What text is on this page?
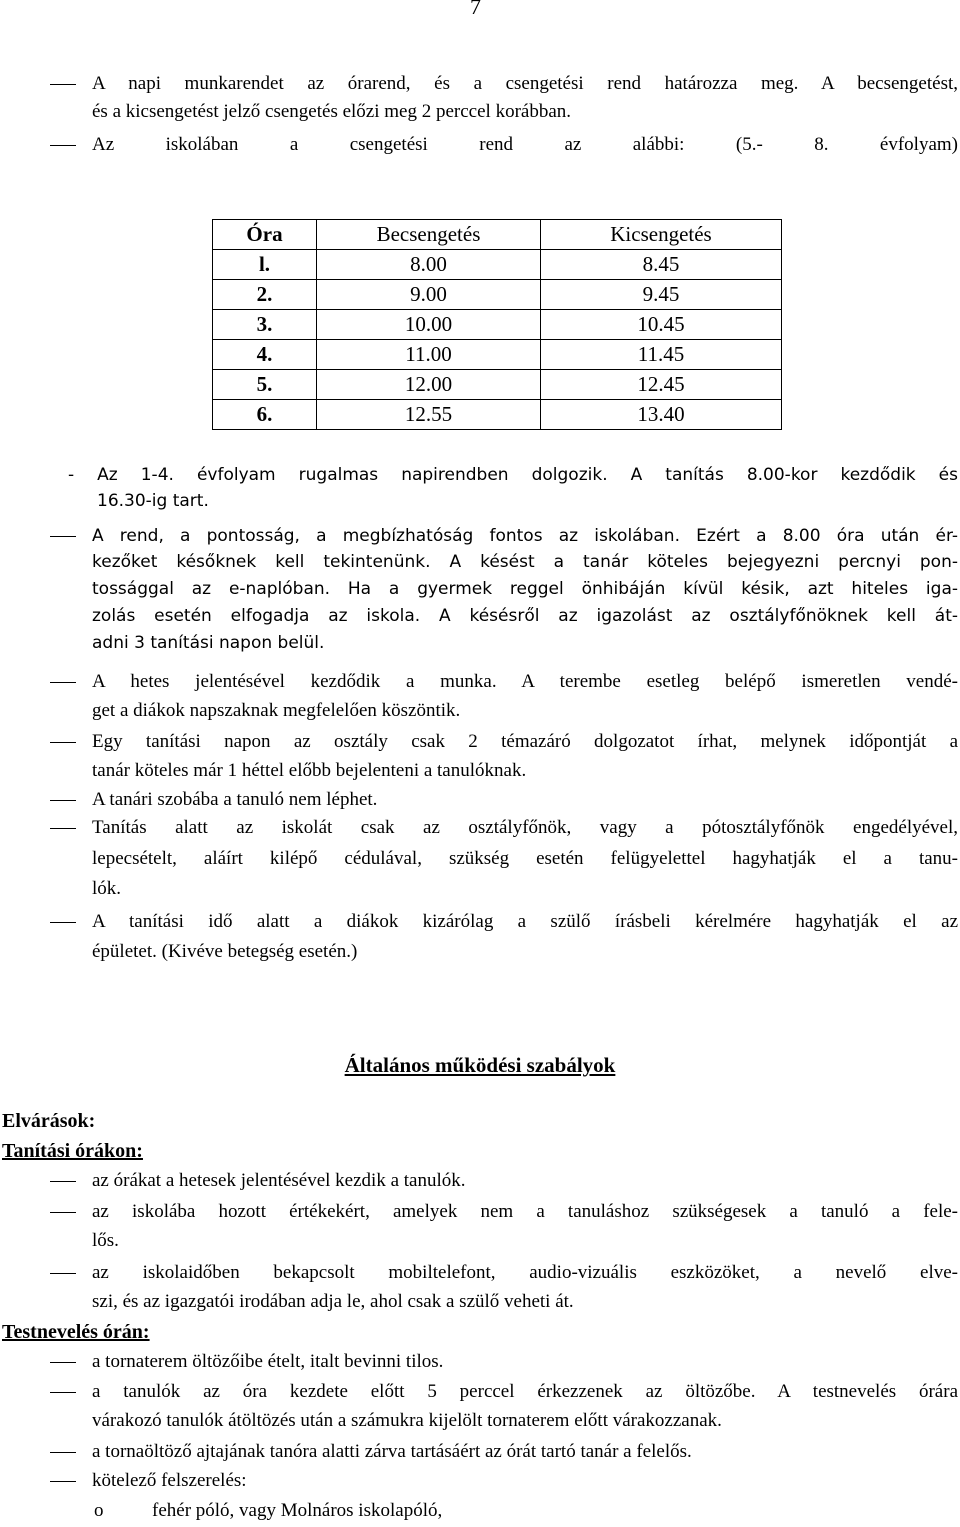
7
A napi munkarendet az órarend, és a csengetési rend határozza meg. A becsengetést,
és a kicsengetést jelző csengetés előzi meg 2 perccel korábban.
Az iskolában a csengetési rend az alábbi: (5.- 8. évfolyam)
Óra	Becsengetés	Kicsengetés
l.	8.00	8.45
2.	9.00	9.45
3.	10.00	10.45
4.	11.00	11.45
5.	12.00	12.45
6.	12.55	13.40
- Az 1-4. évfolyam rugalmas napirendben dolgozik. A tanítás 8.00-kor kezdődik és
16.30-ig tart.
A rend, a pontosság, a megbízhatóság fontos az iskolában. Ezért a 8.00 óra után ér-
kezőket későknek kell tekintenünk. A késést a tanár köteles bejegyezni percnyi pon-
tossággal az e-naplóban. Ha a gyermek reggel önhibáján kívül késik, azt hiteles iga-
zolás esetén elfogadja az iskola. A késésről az igazolást az osztályfőnöknek kell át-
adni 3 tanítási napon belül.
A hetes jelentésével kezdődik a munka. A terembe esetleg belépő ismeretlen vendé-
get a diákok napszaknak megfelelően köszöntik.
Egy tanítási napon az osztály csak 2 témazáró dolgozatot írhat, melynek időpontját a
tanár köteles már 1 héttel előbb bejelenteni a tanulóknak.
A tanári szobába a tanuló nem léphet.
Tanítás alatt az iskolát csak az osztályfőnök, vagy a pótosztályfőnök engedélyével,
lepecsételt, aláírt kilépő cédulával, szükség esetén felügyelettel hagyhatják el a tanu-
lók.
A tanítási idő alatt a diákok kizárólag a szülő írásbeli kérelmére hagyhatják el az
épületet. (Kivéve betegség esetén.)
Általános működési szabályok
Elvárások:
Tanítási órákon:
az órákat a hetesek jelentésével kezdik a tanulók.
az iskolába hozott értékekért, amelyek nem a tanuláshoz szükségesek a tanuló a fele-
lős.
az iskolaidőben bekapcsolt mobiltelefont, audio-vizuális eszközöket, a nevelő elve-
szi, és az igazgatói irodában adja le, ahol csak a szülő veheti át.
Testnevelés órán:
a tornaterem öltözőibe ételt, italt bevinni tilos.
a tanulók az óra kezdete előtt 5 perccel érkezzenek az öltözőbe. A testnevelés órára
várakozó tanulók átöltözés után a számukra kijelölt tornaterem előtt várakozzanak.
a tornaöltöző ajtajának tanóra alatti zárva tartásáért az órát tartó tanár a felelős.
kötelező felszerelés:
o	fehér póló, vagy Molnáros iskolapóló,
